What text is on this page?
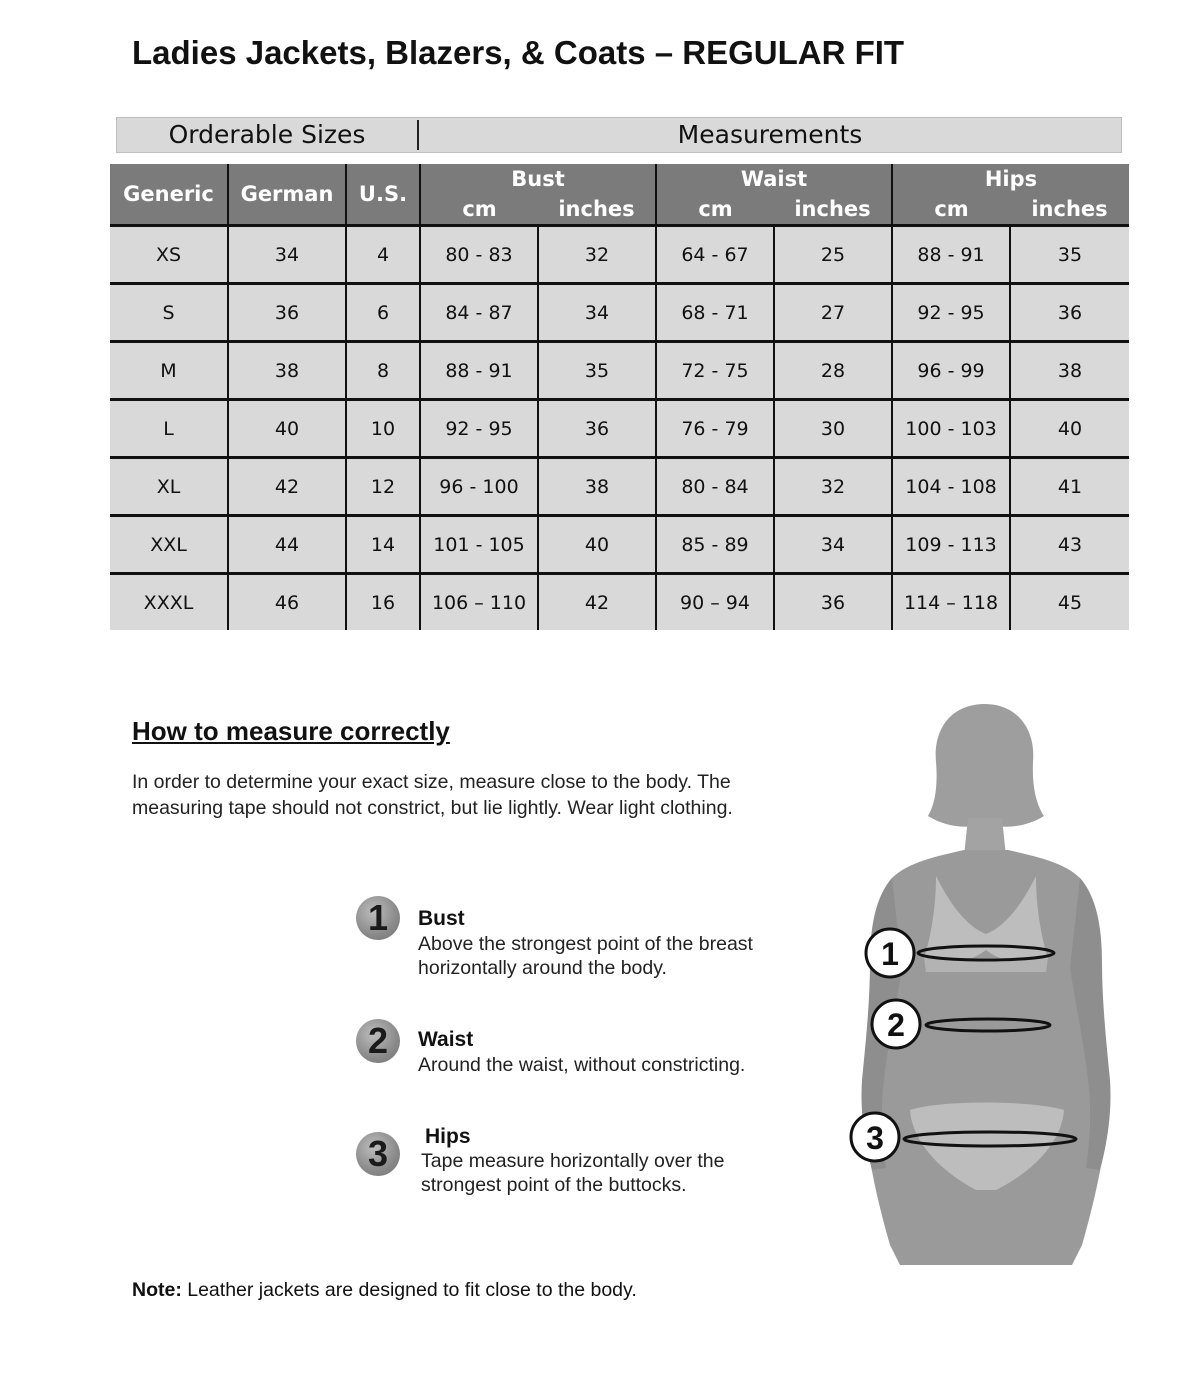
Ladies Jackets, Blazers, & Coats – REGULAR FIT
Orderable Sizes	Measurements
Generic	German	U.S.	Bust		Waist		Hips	
			cm	inches	cm	inches	cm	inches
XS	34	4	80 - 83	32	64 - 67	25	88 - 91	35
S	36	6	84 - 87	34	68 - 71	27	92 - 95	36
M	38	8	88 - 91	35	72 - 75	28	96 - 99	38
L	40	10	92 - 95	36	76 - 79	30	100 - 103	40
XL	42	12	96 - 100	38	80 - 84	32	104 - 108	41
XXL	44	14	101 - 105	40	85 - 89	34	109 - 113	43
XXXL	46	16	106 – 110	42	90 – 94	36	114 – 118	45
How to measure correctly
In order to determine your exact size, measure close to the body. The measuring tape should not constrict, but lie lightly. Wear light clothing.
1	Bust
Above the strongest point of the breast horizontally around the body.
2	Waist
Around the waist, without constricting.
3	Hips
Tape measure horizontally over the strongest point of the buttocks.
1
2
3
Note: Leather jackets are designed to fit close to the body.
